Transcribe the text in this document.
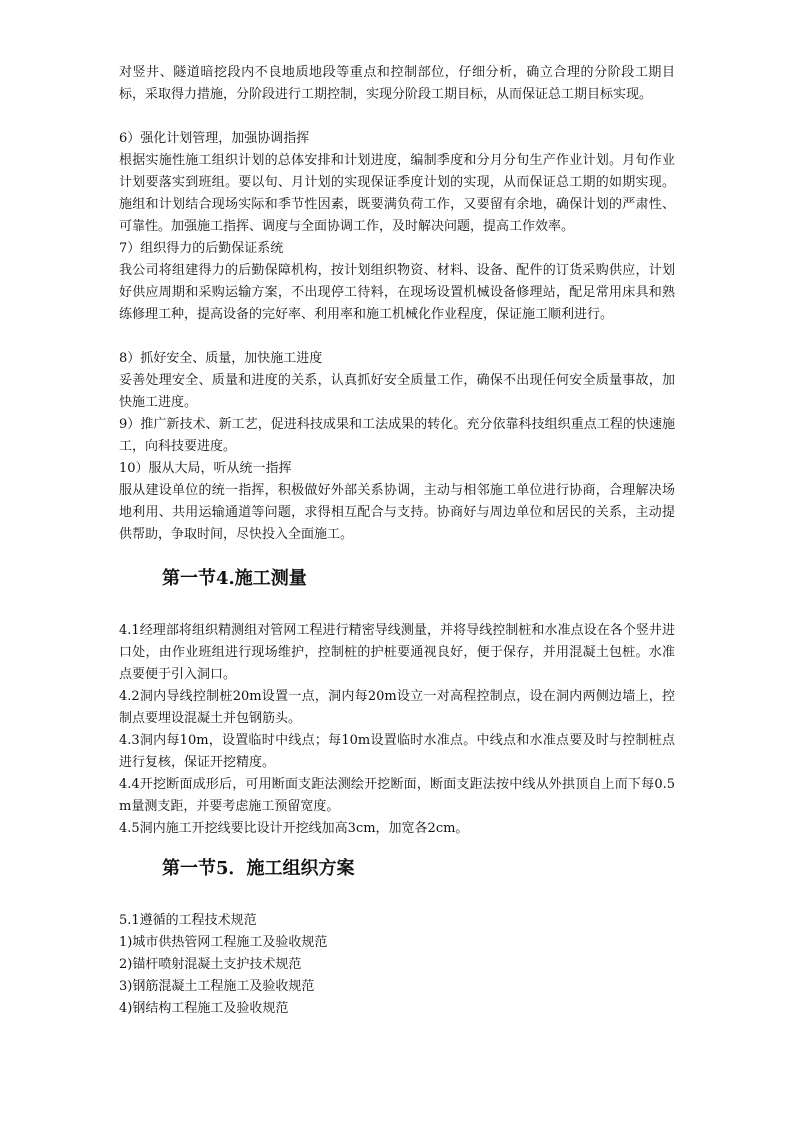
对竖井、隧道暗挖段内不良地质地段等重点和控制部位，仔细分析，确立合理的分阶段工期目标，采取得力措施，分阶段进行工期控制，实现分阶段工期目标，从而保证总工期目标实现。

6）强化计划管理，加强协调指挥

根据实施性施工组织计划的总体安排和计划进度，编制季度和分月分旬生产作业计划。月旬作业计划要落实到班组。要以旬、月计划的实现保证季度计划的实现，从而保证总工期的如期实现。施组和计划结合现场实际和季节性因素，既要满负荷工作，又要留有余地，确保计划的严肃性、可靠性。加强施工指挥、调度与全面协调工作，及时解决问题，提高工作效率。

7）组织得力的后勤保证系统

我公司将组建得力的后勤保障机构，按计划组织物资、材料、设备、配件的订货采购供应，计划好供应周期和采购运输方案，不出现停工待料，在现场设置机械设备修理站，配足常用床具和熟练修理工种，提高设备的完好率、利用率和施工机械化作业程度，保证施工顺利进行。

8）抓好安全、质量，加快施工进度

妥善处理安全、质量和进度的关系，认真抓好安全质量工作，确保不出现任何安全质量事故，加快施工进度。

9）推广新技术、新工艺，促进科技成果和工法成果的转化。充分依靠科技组织重点工程的快速施工，向科技要进度。

10）服从大局，听从统一指挥

服从建设单位的统一指挥，积极做好外部关系协调，主动与相邻施工单位进行协商，合理解决场地利用、共用运输通道等问题，求得相互配合与支持。协商好与周边单位和居民的关系，主动提供帮助，争取时间，尽快投入全面施工。

第一节4.施工测量

4.1经理部将组织精测组对管网工程进行精密导线测量，并将导线控制桩和水准点设在各个竖井进口处，由作业班组进行现场维护，控制桩的护桩要通视良好，便于保存，并用混凝土包桩。水准点要便于引入洞口。

4.2洞内导线控制桩20m设置一点，洞内每20m设立一对高程控制点，设在洞内两侧边墙上，控制点要埋设混凝土并包钢筋头。

4.3洞内每10m，设置临时中线点；每10m设置临时水准点。中线点和水准点要及时与控制桩点进行复核，保证开挖精度。

4.4开挖断面成形后，可用断面支距法测绘开挖断面，断面支距法按中线从外拱顶自上而下每0.5m量测支距，并要考虑施工预留宽度。

4.5洞内施工开挖线要比设计开挖线加高3cm，加宽各2cm。

第一节5．施工组织方案

5.1遵循的工程技术规范

1)城市供热管网工程施工及验收规范

2)锚杆喷射混凝土支护技术规范

3)钢筋混凝土工程施工及验收规范

4)钢结构工程施工及验收规范
